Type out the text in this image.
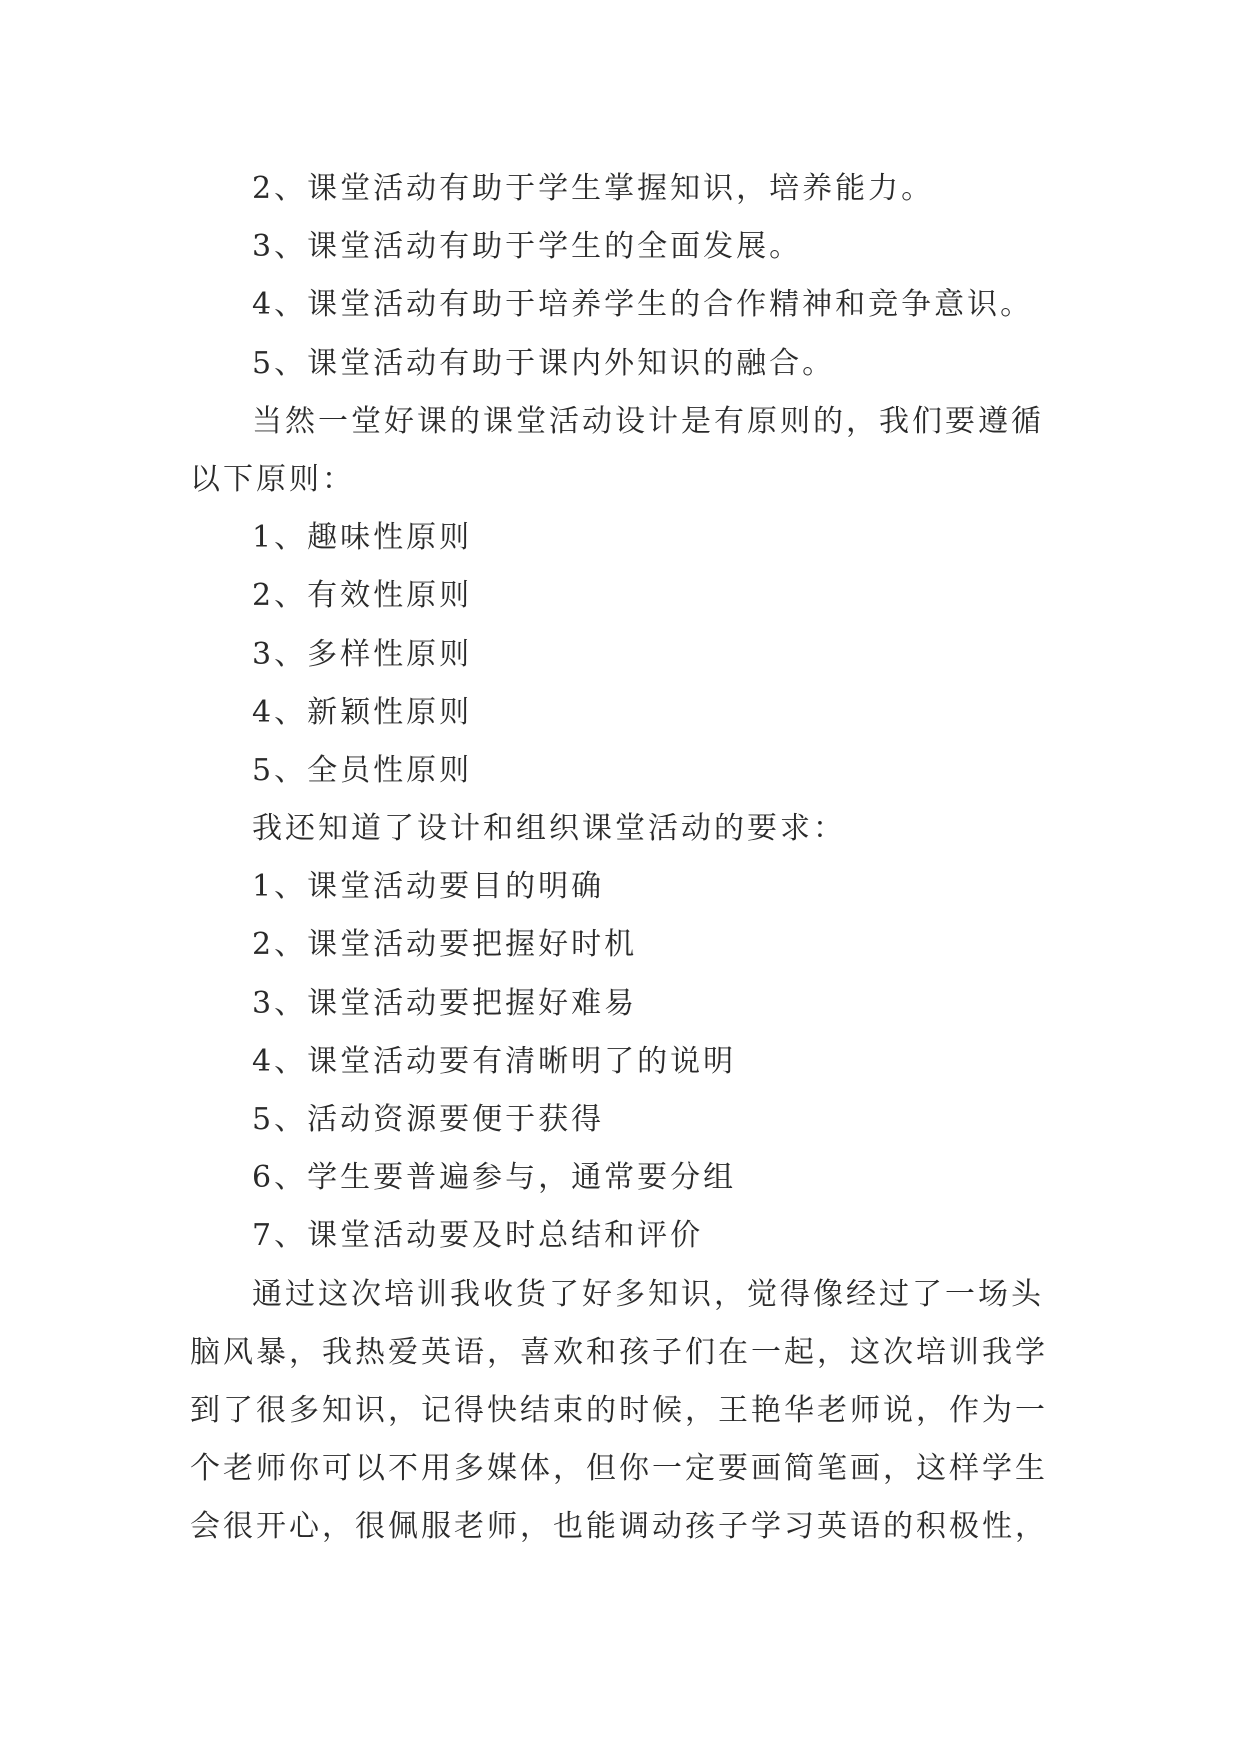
2、课堂活动有助于学生掌握知识，培养能力。

3、课堂活动有助于学生的全面发展。

4、课堂活动有助于培养学生的合作精神和竞争意识。

5、课堂活动有助于课内外知识的融合。

当然一堂好课的课堂活动设计是有原则的，我们要遵循

以下原则：

1、趣味性原则

2、有效性原则

3、多样性原则

4、新颖性原则

5、全员性原则

我还知道了设计和组织课堂活动的要求：

1、课堂活动要目的明确

2、课堂活动要把握好时机

3、课堂活动要把握好难易

4、课堂活动要有清晰明了的说明

5、活动资源要便于获得

6、学生要普遍参与，通常要分组

7、课堂活动要及时总结和评价

通过这次培训我收货了好多知识，觉得像经过了一场头

脑风暴，我热爱英语，喜欢和孩子们在一起，这次培训我学

到了很多知识，记得快结束的时候，王艳华老师说，作为一

个老师你可以不用多媒体，但你一定要画简笔画，这样学生

会很开心，很佩服老师，也能调动孩子学习英语的积极性，
